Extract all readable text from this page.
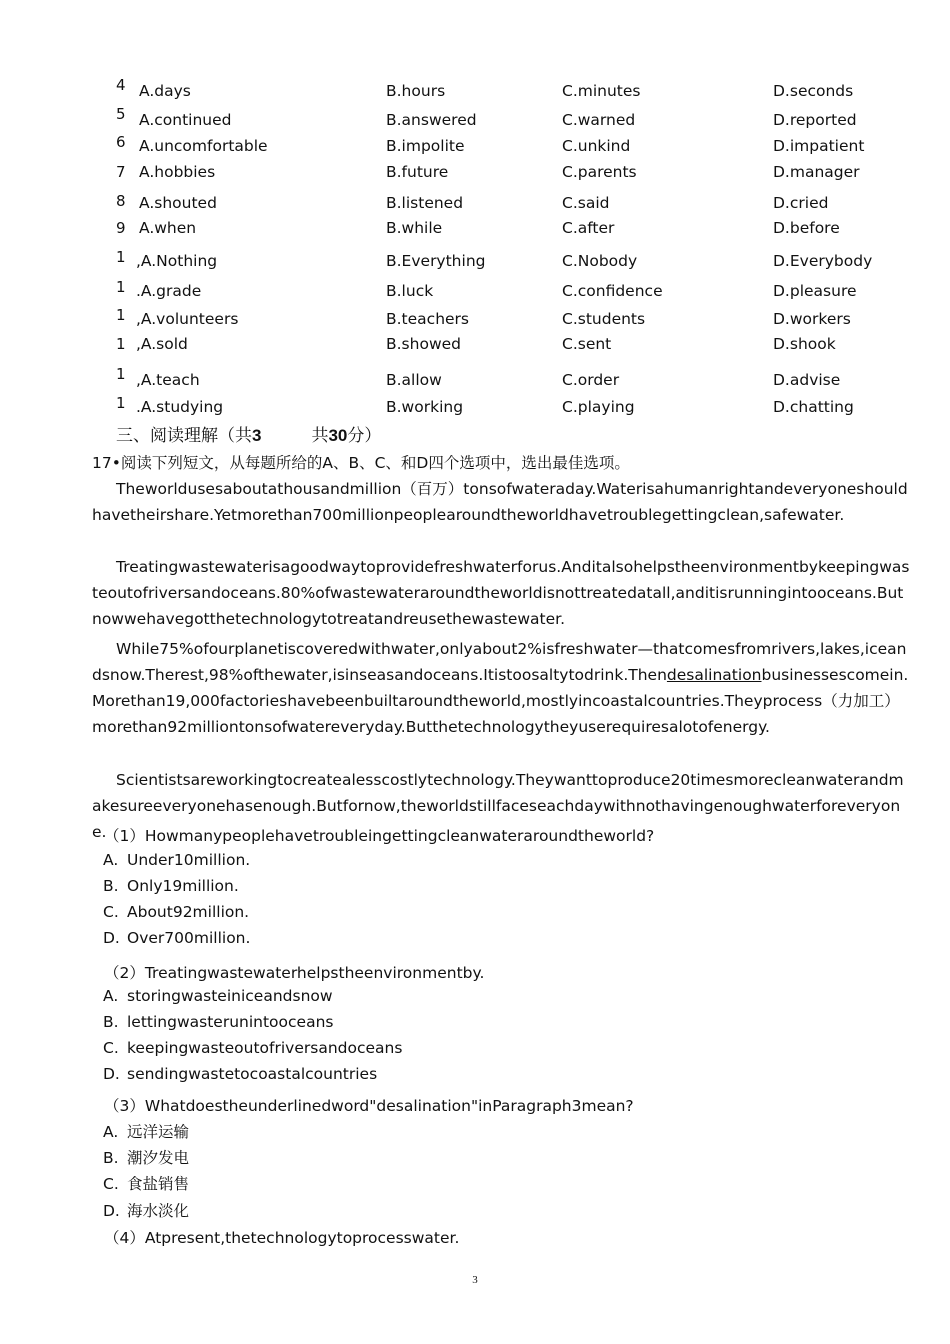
4 A.days	B.hours	C.minutes	D.seconds
5 A.continued	B.answered	C.warned	D.reported
6 A.uncomfortable	B.impolite	C.unkind	D.impatient
7 A.hobbies	B.future	C.parents	D.manager
8 A.shouted	B.listened	C.said	D.cried
9 A.when	B.while	C.after	D.before
1 ,A.Nothing	B.Everything	C.Nobody	D.Everybody
1 .A.grade	B.luck	C.confidence	D.pleasure
1 ,A.volunteers	B.teachers	C.students	D.workers
1 ,A.sold	B.showed	C.sent	D.shook
1 ,A.teach	B.allow	C.order	D.advise
1 .A.studying	B.working	C.playing	D.chatting
三、阅读理解（共3	共30分）
17•阅读下列短文，从每题所给的A、B、C、和D四个选项中，选出最佳选项。
Theworldusesaboutathousandmillion（百万）tonsofwateraday.Waterisahumanrightandeveryoneshouldhavetheirshare.Yetmorethan700millionpeoplearoundtheworldhavetroublegettingclean,safewater.
Treatingwastewaterisagoodwaytoprovidefreshwaterforus.Anditalsohelpstheenvironmentbykeepingwasteoutofriversandoceans.80%ofwastewateraroundtheworldisnottreatedatall,anditisrunningintooceans.Butnowwehavegotthetechnologytotreatandreusethewastewater.
While75%ofourplanetiscoveredwithwater,onlyabout2%isfreshwater—thatcomesfromrivers,lakes,iceandsnow.Therest,98%ofthewater,isinseasandoceans.Itistoosaltytodrink.Thendesalinationbusinessescomein.Morethan19,000factorieshavebeenbuiltaroundtheworld,mostlyincoastalcountries.Theyprocess（力加工）morethan92milliontonsofwatereveryday.Butthetechnologytheyuserequiresalotofenergy.
Scientistsareworkingtocreatealesscostlytechnology.Theywanttoproduce20timesmorecleanwaterandmakesureeveryonehasenough.Butfornow,theworldstillfaceseachdaywithnothavingenoughwaterforeveryone.
（1）Howmanypeoplehavetroubleingettingcleanwateraroundtheworld?
A. Under10million.
B. Only19million.
C. About92million.
D. Over700million.
（2）Treatingwastewaterhelpstheenvironmentby.
A. storingwasteiniceandsnow
B. lettingwasterunintooceans
C. keepingwasteoutofriversandoceans
D. sendingwastetocoastalcountries
（3）Whatdoestheunderlinedword"desalination"inParagraph3mean?
A. 远洋运输
B. 潮汐发电
C. 食盐销售
D. 海水淡化
（4）Atpresent,thetechnologytoprocesswater.
3
